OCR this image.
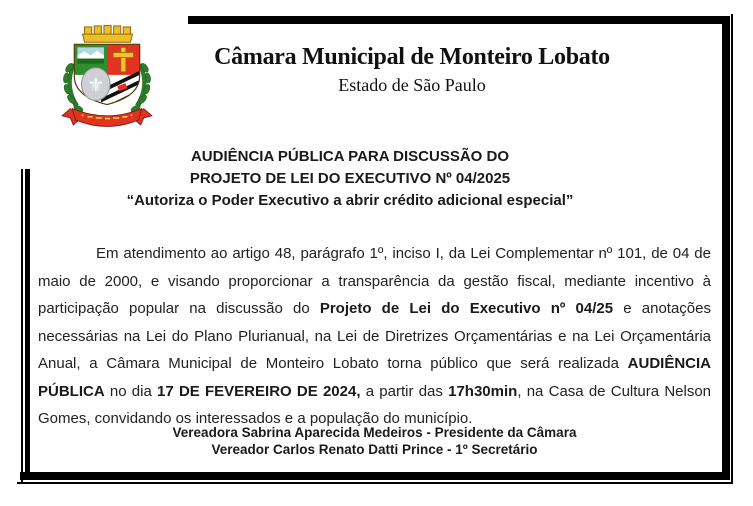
⚜
Câmara Municipal de Monteiro Lobato
Estado de São Paulo
AUDIÊNCIA PÚBLICA PARA DISCUSSÃO DO
PROJETO DE LEI DO EXECUTIVO Nº 04/2025
“Autoriza o Poder Executivo a abrir crédito adicional especial”

Em atendimento ao artigo 48, parágrafo 1º, inciso I, da Lei Complementar nº 101, de 04 de maio de 2000, e visando proporcionar a transparência da gestão fiscal, mediante incentivo à participação popular na discussão do Projeto de Lei do Executivo nº 04/25 e anotações necessárias na Lei do Plano Plurianual, na Lei de Diretrizes Orçamentárias e na Lei Orçamentária Anual, a Câmara Municipal de Monteiro Lobato torna público que será realizada AUDIÊNCIA PÚBLICA no dia 17 DE FEVEREIRO DE 2024, a partir das 17h30min, na Casa de Cultura Nelson Gomes, convidando os interessados e a população do município.

Vereadora Sabrina Aparecida Medeiros - Presidente da Câmara
Vereador Carlos Renato Datti Prince - 1º Secretário
